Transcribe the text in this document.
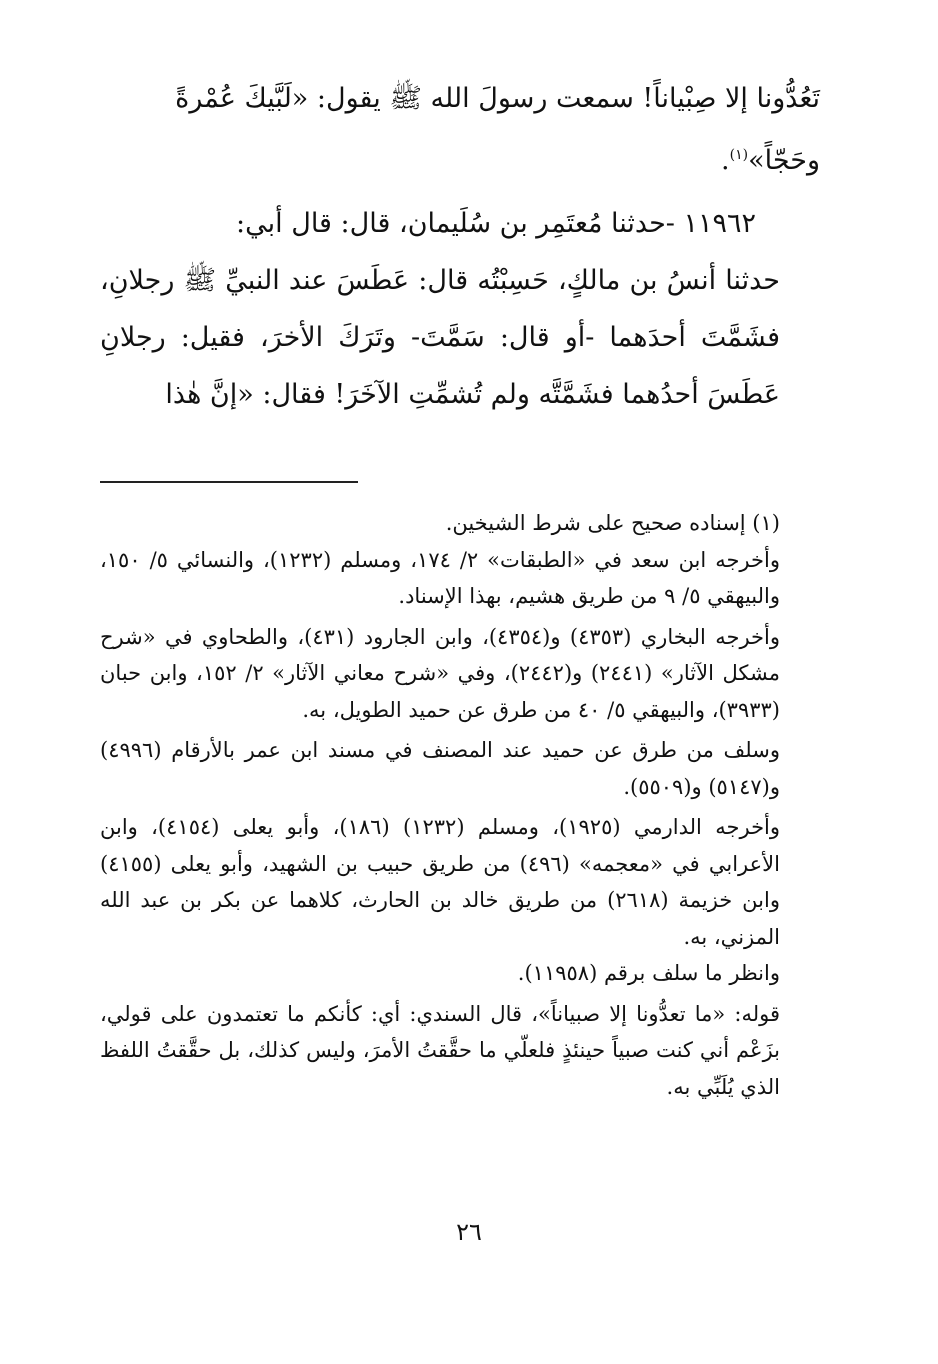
تَعُدُّونا إلا صِبْياناً! سمعت رسولَ الله ﷺ يقول: «لَبَّيكَ عُمْرةً

وحَجّاً»$^{(١)}$.

١١٩٦٢ -حدثنا مُعتَمِر بن سُلَيمان، قال: قال أبي:

حدثنا أنسُ بن مالكٍ، حَسِبْتُه قال: عَطَسَ عند النبيِّ ﷺ رجلانِ، فشَمَّتَ أحدَهما -أو قال: سَمَّتَ- وتَرَكَ الأخرَ، فقيل: رجلانِ عَطَسَ أحدُهما فشَمَّتَّه ولم تُشمِّتِ الآخَرَ! فقال: «إنَّ هٰذا

(١) إسناده صحيح على شرط الشيخين.

وأخرجه ابن سعد في «الطبقات» ٢/ ١٧٤، ومسلم (١٢٣٢)، والنسائي ٥/ ١٥٠، والبيهقي ٥/ ٩ من طريق هشيم، بهذا الإسناد.

وأخرجه البخاري (٤٣٥٣) و(٤٣٥٤)، وابن الجارود (٤٣١)، والطحاوي في «شرح مشكل الآثار» (٢٤٤١) و(٢٤٤٢)، وفي «شرح معاني الآثار» ٢/ ١٥٢، وابن حبان (٣٩٣٣)، والبيهقي ٥/ ٤٠ من طرق عن حميد الطويل، به.

وسلف من طرق عن حميد عند المصنف في مسند ابن عمر بالأرقام (٤٩٩٦) و(٥١٤٧) و(٥٥٠٩).

وأخرجه الدارمي (١٩٢٥)، ومسلم (١٢٣٢) (١٨٦)، وأبو يعلى (٤١٥٤)، وابن الأعرابي في «معجمه» (٤٩٦) من طريق حبيب بن الشهيد، وأبو يعلى (٤١٥٥) وابن خزيمة (٢٦١٨) من طريق خالد بن الحارث، كلاهما عن بكر بن عبد الله المزني، به.

وانظر ما سلف برقم (١١٩٥٨).

قوله: «ما تعدُّونا إلا صبياناً»، قال السندي: أي: كأنكم ما تعتمدون على قولي، بزَعْم أني كنت صبياً حينئذٍ فلعلّي ما حقَّقتُ الأمرَ، وليس كذلك، بل حقَّقتُ اللفظ الذي يُلَبِّي به.

٢٦
